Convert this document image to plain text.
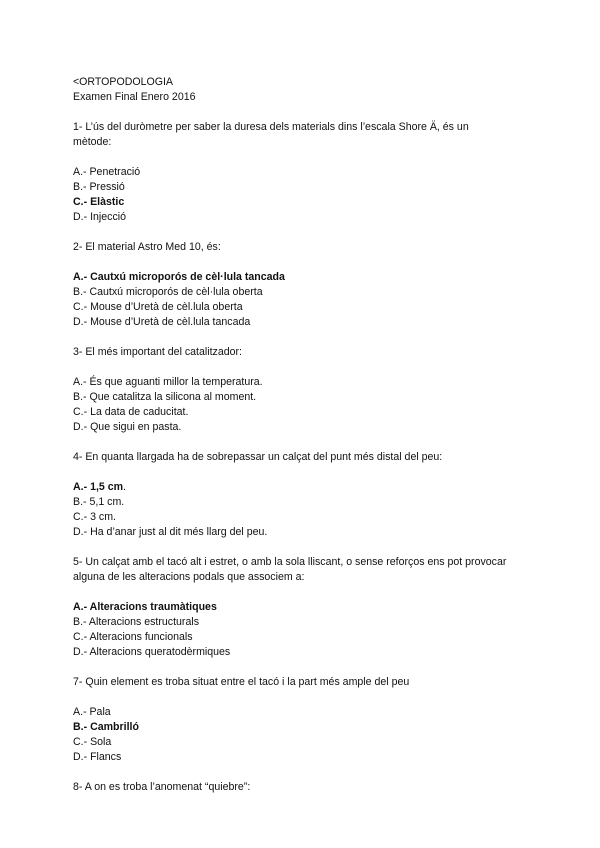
<ORTOPODOLOGIA
Examen Final Enero 2016
1- L’ús del duròmetre per saber la duresa dels materials dins l’escala Shore Ä, és un
mètode:
A.- Penetració
B.- Pressió
C.- Elàstic
D.- Injecció
2- El material Astro Med 10, és:
A.- Cautxú microporós de cèl·lula tancada
B.- Cautxú microporós de cèl·lula oberta
C.- Mouse d’Uretà de cèl.lula oberta
D.- Mouse d’Uretà de cèl.lula tancada
3- El més important del catalitzador:
A.- És que aguanti millor la temperatura.
B.- Que catalitza la silicona al moment.
C.- La data de caducitat.
D.- Que sigui en pasta.
4- En quanta llargada ha de sobrepassar un calçat del punt més distal del peu:
A.- 1,5 cm.
B.- 5,1 cm.
C.- 3 cm.
D.- Ha d’anar just al dit més llarg del peu.
5- Un calçat amb el tacó alt i estret, o amb la sola lliscant, o sense reforços ens pot provocar
alguna de les alteracions podals que associem a:
A.- Alteracions traumàtiques
B.- Alteracions estructurals
C.- Alteracions funcionals
D.- Alteracions queratodèrmiques
7- Quin element es troba situat entre el tacó i la part més ample del peu
A.- Pala
B.- Cambrilló
C.- Sola
D.- Flancs
8- A on es troba l’anomenat “quiebre”:
